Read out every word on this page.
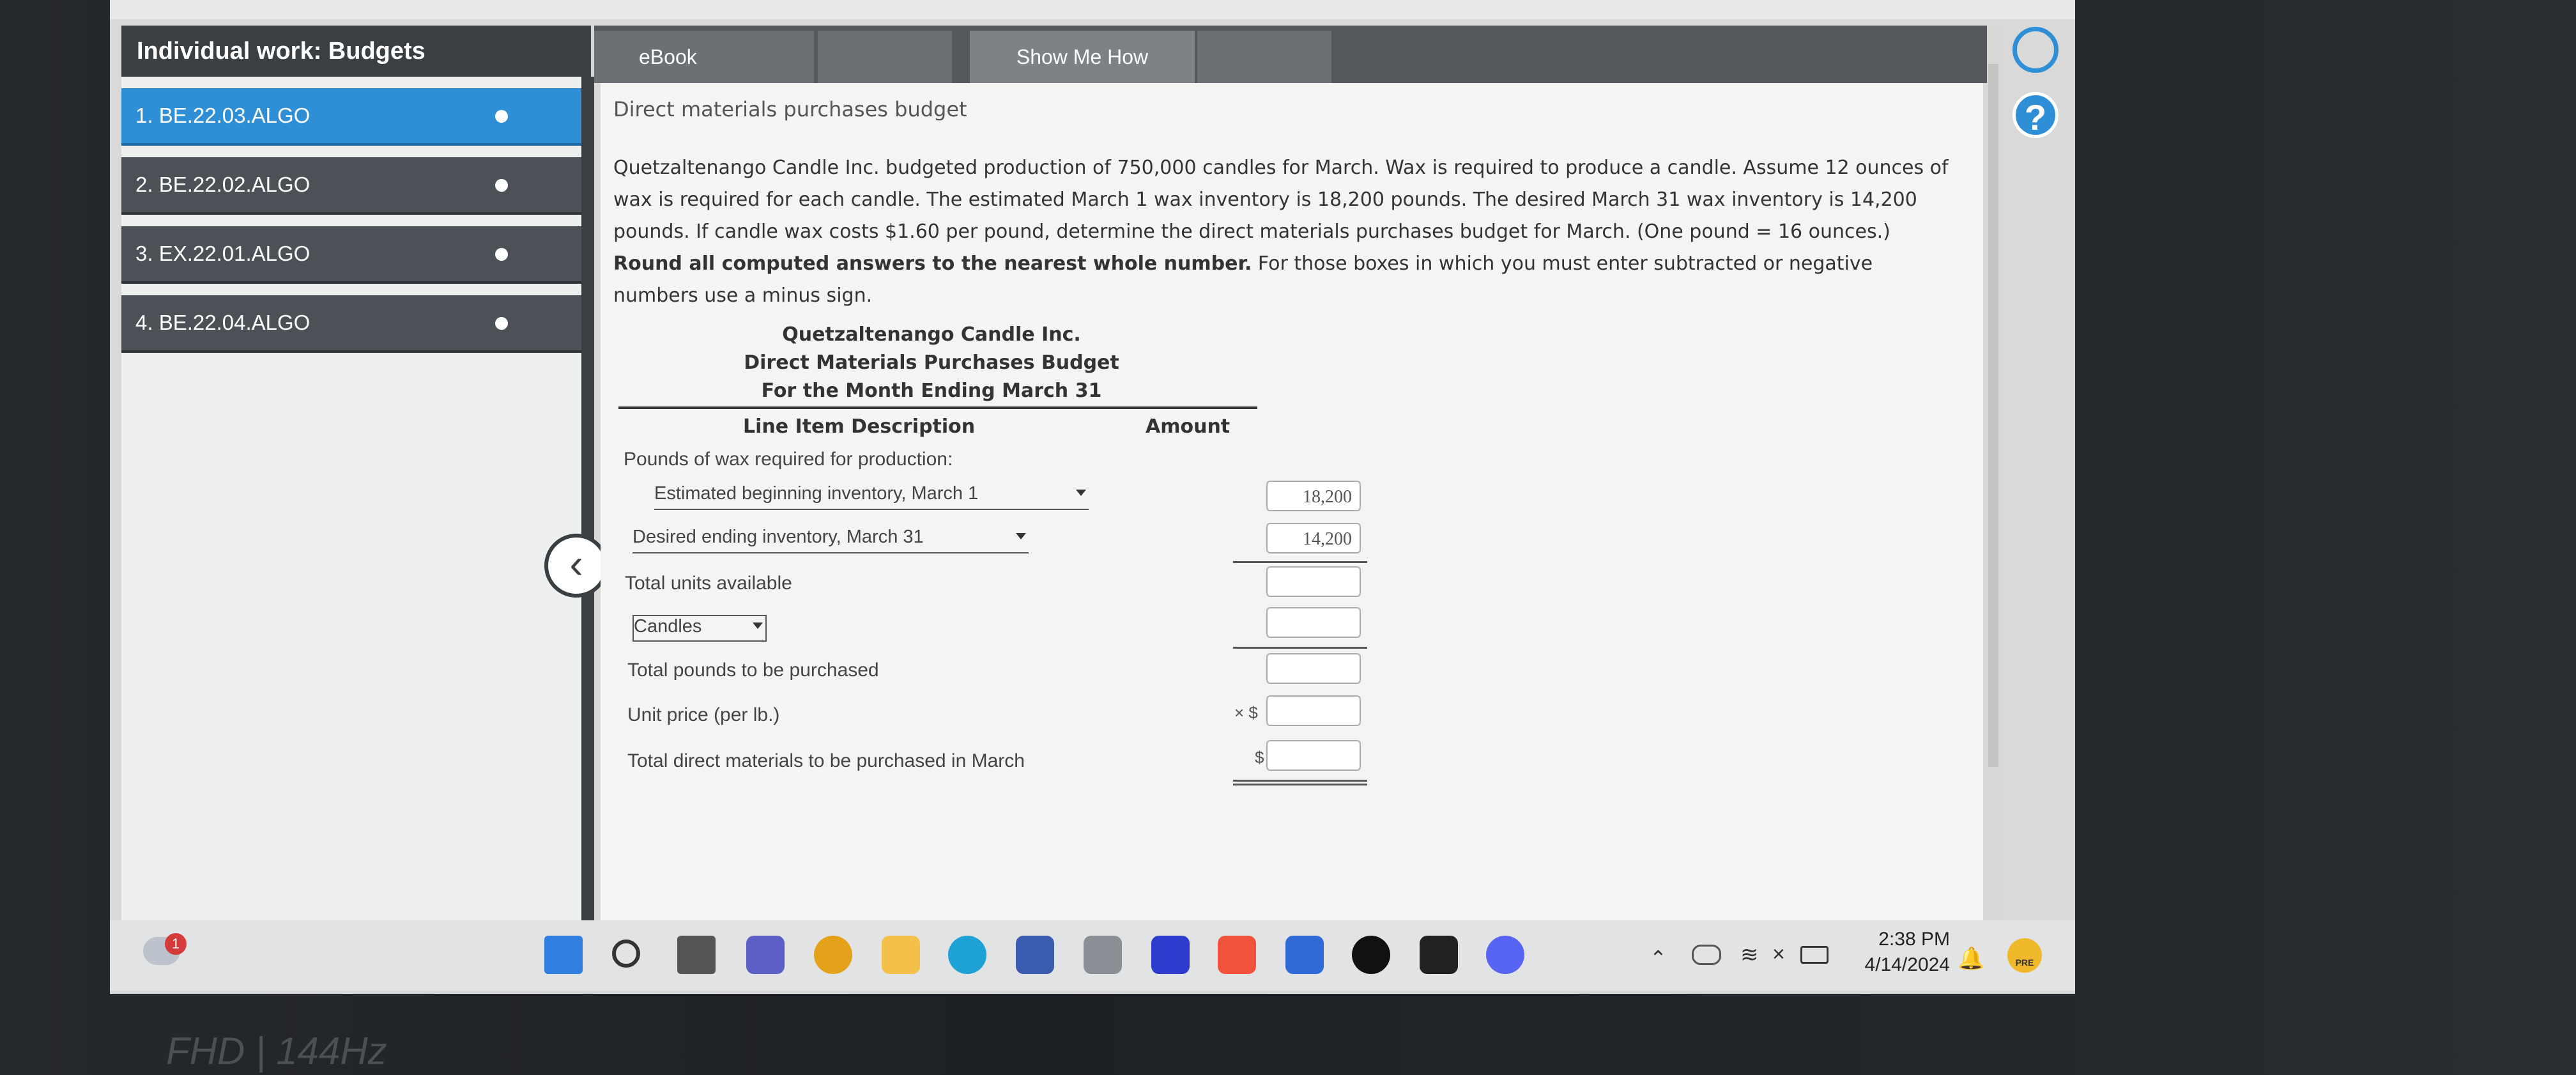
Individual work: Budgets
1. BE.22.03.ALGO
2. BE.22.02.ALGO
3. EX.22.01.ALGO
4. BE.22.04.ALGO
‹
eBook	Show Me How
Direct materials purchases budget
Quetzaltenango Candle Inc. budgeted production of 750,000 candles for March. Wax is required to produce a candle. Assume 12 ounces of wax is required for each candle. The estimated March 1 wax inventory is 18,200 pounds. The desired March 31 wax inventory is 14,200 pounds. If candle wax costs $1.60 per pound, determine the direct materials purchases budget for March. (One pound = 16 ounces.) Round all computed answers to the nearest whole number. For those boxes in which you must enter subtracted or negative numbers use a minus sign.
Quetzaltenango Candle Inc.
Direct Materials Purchases Budget
For the Month Ending March 31
Line Item Description	Amount
Pounds of wax required for production:
Estimated beginning inventory, March 1	18,200
Desired ending inventory, March 31	14,200
Total units available
Candles
Total pounds to be purchased
Unit price (per lb.)	× $
Total direct materials to be purchased in March	$
?
1
⌃	≋ ×
2:38 PM
4/14/2024 🔔	PRE
FHD | 144Hz
